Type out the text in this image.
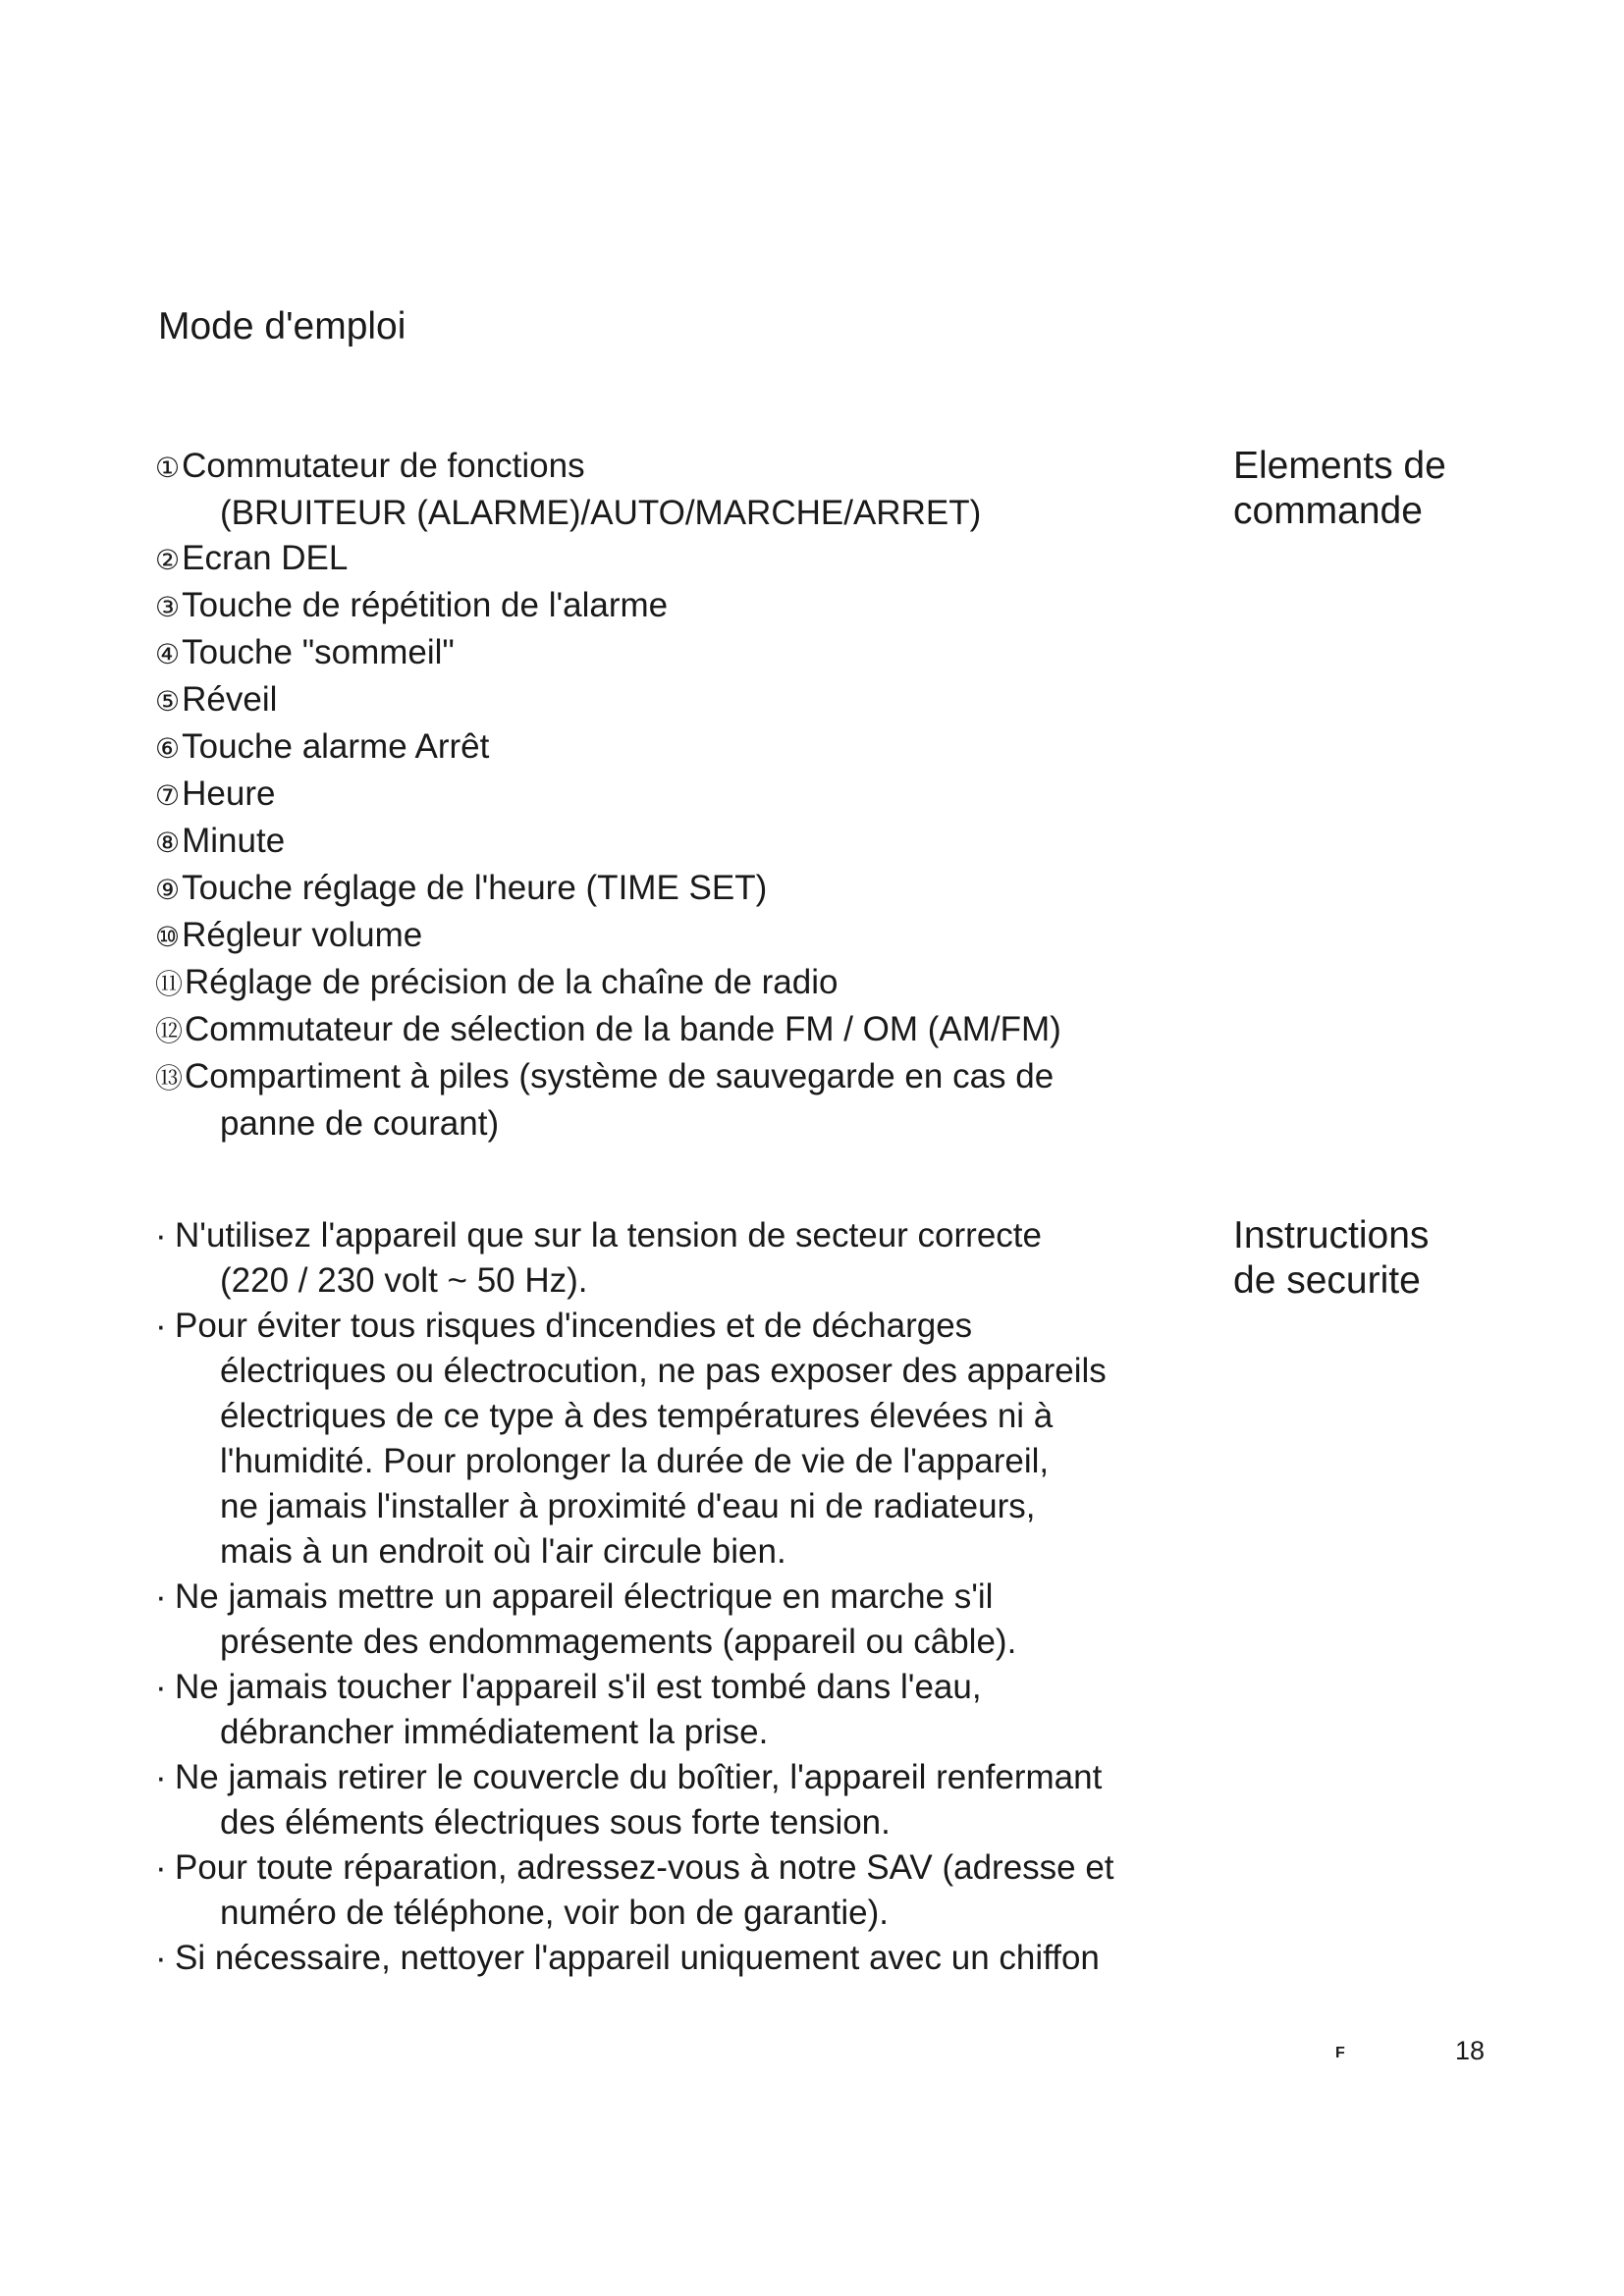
Mode d'emploi
①Commutateur de fonctions
(BRUITEUR (ALARME)/AUTO/MARCHE/ARRET)
②Ecran DEL
③Touche de répétition de l'alarme
④Touche "sommeil"
⑤Réveil
⑥Touche alarme Arrêt
⑦Heure
⑧Minute
⑨Touche réglage de l'heure (TIME SET)
⑩Régleur volume
⑪Réglage de précision de la chaîne de radio
⑫Commutateur de sélection de la bande FM / OM (AM/FM)
⑬Compartiment à piles (système de sauvegarde en cas de
panne de courant)
Elements de
commande
· N'utilisez l'appareil que sur la tension de secteur correcte
(220 / 230 volt ~ 50 Hz).
· Pour éviter tous risques d'incendies et de décharges
électriques ou électrocution, ne pas exposer des appareils
électriques de ce type à des températures élevées ni à
l'humidité. Pour prolonger la durée de vie de l'appareil,
ne jamais l'installer à proximité d'eau ni de radiateurs,
mais à un endroit où l'air circule bien.
· Ne jamais mettre un appareil électrique en marche s'il
présente des endommagements (appareil ou câble).
· Ne jamais toucher l'appareil s'il est tombé dans l'eau,
débrancher immédiatement la prise.
· Ne jamais retirer le couvercle du boîtier, l'appareil renfermant
des éléments électriques sous forte tension.
· Pour toute réparation, adressez-vous à notre SAV (adresse et
numéro de téléphone, voir bon de garantie).
· Si nécessaire, nettoyer l'appareil uniquement avec un chiffon
Instructions
de securite
F	18
